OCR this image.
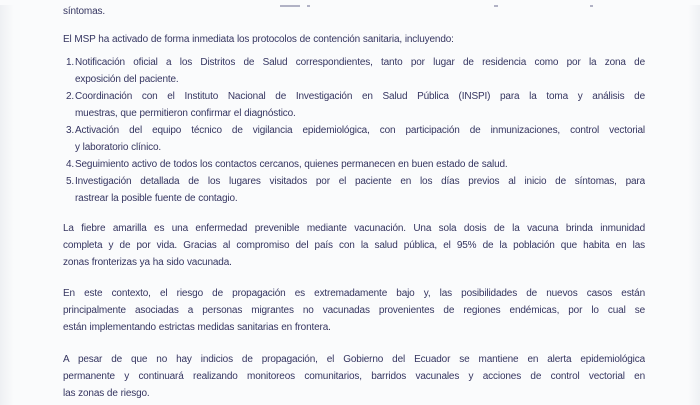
síntomas.
El MSP ha activado de forma inmediata los protocolos de contención sanitaria, incluyendo:
1. Notificación oficial a los Distritos de Salud correspondientes, tanto por lugar de residencia como por la zona de
exposición del paciente.
2. Coordinación con el Instituto Nacional de Investigación en Salud Pública (INSPI) para la toma y análisis de
muestras, que permitieron confirmar el diagnóstico.
3. Activación del equipo técnico de vigilancia epidemiológica, con participación de inmunizaciones, control vectorial
y laboratorio clínico.
4. Seguimiento activo de todos los contactos cercanos, quienes permanecen en buen estado de salud.
5. Investigación detallada de los lugares visitados por el paciente en los días previos al inicio de síntomas, para
rastrear la posible fuente de contagio.
La fiebre amarilla es una enfermedad prevenible mediante vacunación. Una sola dosis de la vacuna brinda inmunidad
completa y de por vida. Gracias al compromiso del país con la salud pública, el 95% de la población que habita en las
zonas fronterizas ya ha sido vacunada.
En este contexto, el riesgo de propagación es extremadamente bajo y, las posibilidades de nuevos casos están
principalmente asociadas a personas migrantes no vacunadas provenientes de regiones endémicas, por lo cual se
están implementando estrictas medidas sanitarias en frontera.
A pesar de que no hay indicios de propagación, el Gobierno del Ecuador se mantiene en alerta epidemiológica
permanente y continuará realizando monitoreos comunitarios, barridos vacunales y acciones de control vectorial en
las zonas de riesgo.
